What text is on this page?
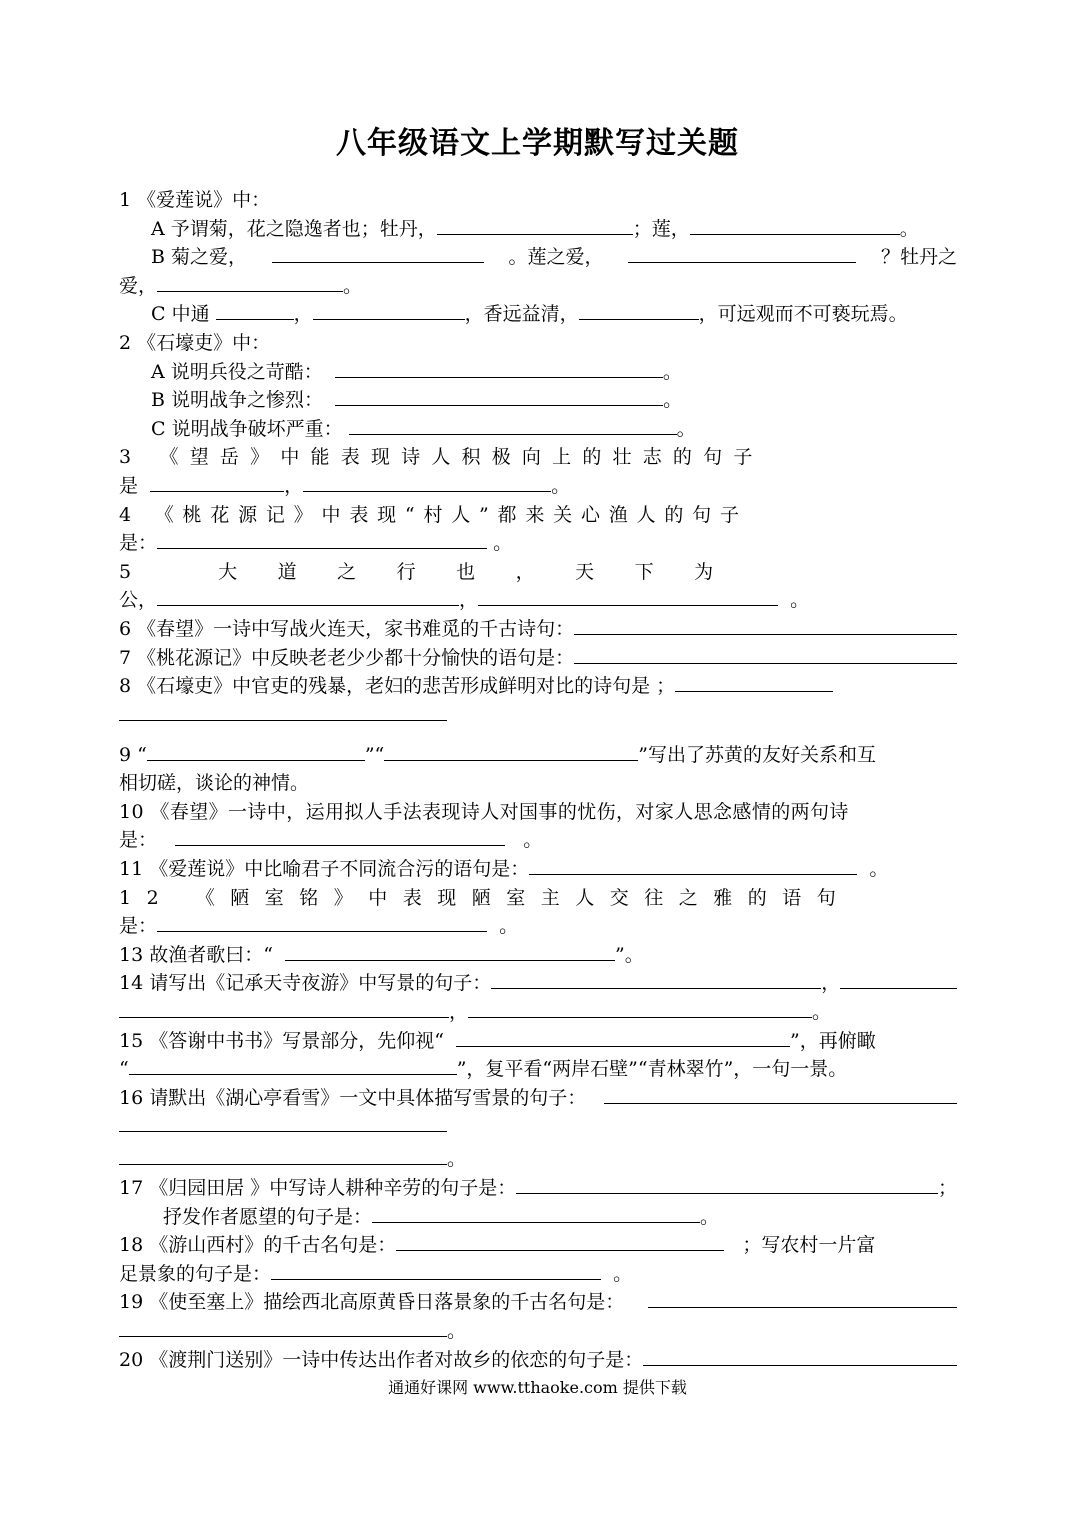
八年级语文上学期默写过关题
1 《爱莲说》中：
A 予谓菊，花之隐逸者也；牡丹，	；莲，	。
B 菊之爱，	。莲之爱，	？牡丹之
爱，	。
C 中通	，	，香远益清，	，可远观而不可亵玩焉。
2 《石壕吏》中：
A 说明兵役之苛酷：	。
B 说明战争之惨烈：	。
C 说明战争破坏严重：	。
3 《望岳》中能表现诗人积极向上的壮志的句子
是	，	。
4 《桃花源记》中表现“村人”都来关心渔人的句子
是：	。
5 大道之行也，天下为
公，	，	。
6 《春望》一诗中写战火连天，家书难觅的千古诗句：
7 《桃花源记》中反映老老少少都十分愉快的语句是：
8 《石壕吏》中官吏的残暴，老妇的悲苦形成鲜明对比的诗句是 ；
9 “	”“	”写出了苏黄的友好关系和互
相切磋，谈论的神情。
10 《春望》一诗中，运用拟人手法表现诗人对国事的忧伤，对家人思念感情的两句诗
是：	。
11 《爱莲说》中比喻君子不同流合污的语句是：	。
12 《陋室铭》中表现陋室主人交往之雅的语句
是：	。
13 故渔者歌曰：“	”。
14 请写出《记承天寺夜游》中写景的句子：	，
，	。
15 《答谢中书书》写景部分，先仰视“	”，再俯瞰
“	”，复平看“两岸石壁”“青林翠竹”，一句一景。
16 请默出《湖心亭看雪》一文中具体描写雪景的句子：

。
17 《归园田居 》中写诗人耕种辛劳的句子是：	；
抒发作者愿望的句子是：	。
18 《游山西村》的千古名句是：	；写农村一片富
足景象的句子是：	。
19 《使至塞上》描绘西北高原黄昏日落景象的千古名句是：

。
20 《渡荆门送别》一诗中传达出作者对故乡的依恋的句子是：
通通好课网 www.tthaoke.com 提供下载
